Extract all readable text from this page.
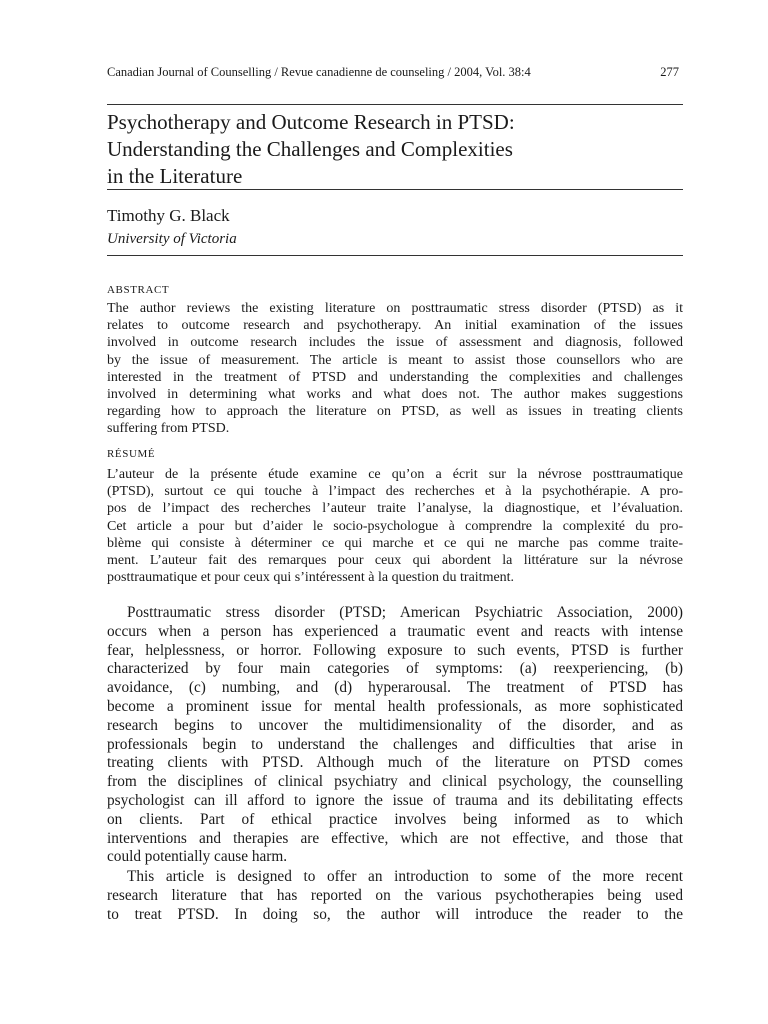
Canadian Journal of Counselling / Revue canadienne de counseling / 2004, Vol. 38:4	277
Psychotherapy and Outcome Research in PTSD:
Understanding the Challenges and Complexities
in the Literature
Timothy G. Black
University of Victoria
ABSTRACT
The author reviews the existing literature on posttraumatic stress disorder (PTSD) as it
relates to outcome research and psychotherapy. An initial examination of the issues
involved in outcome research includes the issue of assessment and diagnosis, followed
by the issue of measurement. The article is meant to assist those counsellors who are
interested in the treatment of PTSD and understanding the complexities and challenges
involved in determining what works and what does not. The author makes suggestions
regarding how to approach the literature on PTSD, as well as issues in treating clients
suffering from PTSD.
RÉSUMÉ
L’auteur de la présente étude examine ce qu’on a écrit sur la névrose posttraumatique
(PTSD), surtout ce qui touche à l’impact des recherches et à la psychothérapie. A pro-
pos de l’impact des recherches l’auteur traite l’analyse, la diagnostique, et l’évaluation.
Cet article a pour but d’aider le socio-psychologue à comprendre la complexité du pro-
blème qui consiste à déterminer ce qui marche et ce qui ne marche pas comme traite-
ment. L’auteur fait des remarques pour ceux qui abordent la littérature sur la névrose
posttraumatique et pour ceux qui s’intéressent à la question du traitment.
Posttraumatic stress disorder (PTSD; American Psychiatric Association, 2000)
occurs when a person has experienced a traumatic event and reacts with intense
fear, helplessness, or horror. Following exposure to such events, PTSD is further
characterized by four main categories of symptoms: (a) reexperiencing, (b)
avoidance, (c) numbing, and (d) hyperarousal. The treatment of PTSD has
become a prominent issue for mental health professionals, as more sophisticated
research begins to uncover the multidimensionality of the disorder, and as
professionals begin to understand the challenges and difficulties that arise in
treating clients with PTSD. Although much of the literature on PTSD comes
from the disciplines of clinical psychiatry and clinical psychology, the counselling
psychologist can ill afford to ignore the issue of trauma and its debilitating effects
on clients. Part of ethical practice involves being informed as to which
interventions and therapies are effective, which are not effective, and those that
could potentially cause harm.
This article is designed to offer an introduction to some of the more recent
research literature that has reported on the various psychotherapies being used
to treat PTSD. In doing so, the author will introduce the reader to the
